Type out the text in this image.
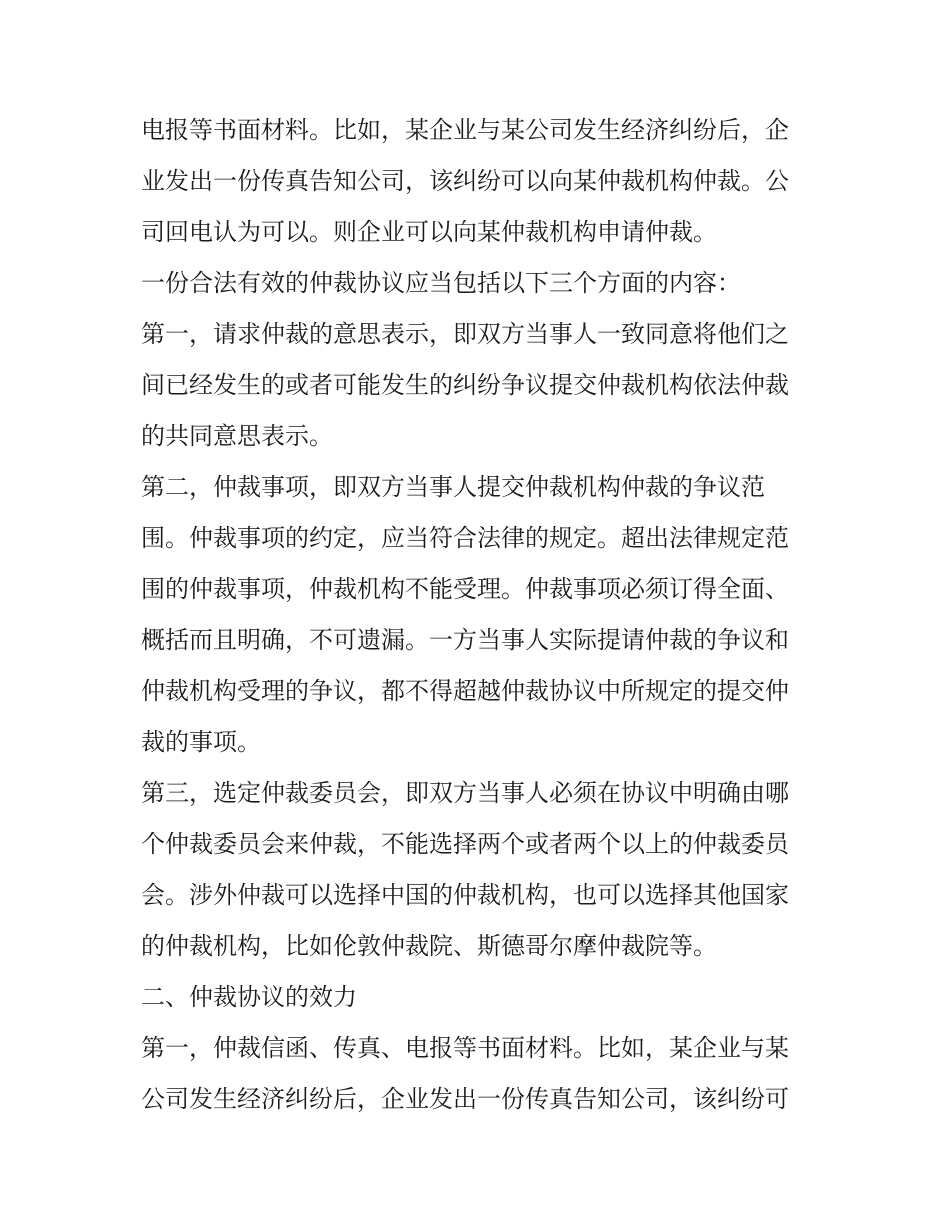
电报等书面材料。比如，某企业与某公司发生经济纠纷后，企
业发出一份传真告知公司，该纠纷可以向某仲裁机构仲裁。公
司回电认为可以。则企业可以向某仲裁机构申请仲裁。
一份合法有效的仲裁协议应当包括以下三个方面的内容：
第一，请求仲裁的意思表示，即双方当事人一致同意将他们之
间已经发生的或者可能发生的纠纷争议提交仲裁机构依法仲裁
的共同意思表示。
第二，仲裁事项，即双方当事人提交仲裁机构仲裁的争议范
围。仲裁事项的约定，应当符合法律的规定。超出法律规定范
围的仲裁事项，仲裁机构不能受理。仲裁事项必须订得全面、
概括而且明确，不可遗漏。一方当事人实际提请仲裁的争议和
仲裁机构受理的争议，都不得超越仲裁协议中所规定的提交仲
裁的事项。
第三，选定仲裁委员会，即双方当事人必须在协议中明确由哪
个仲裁委员会来仲裁，不能选择两个或者两个以上的仲裁委员
会。涉外仲裁可以选择中国的仲裁机构，也可以选择其他国家
的仲裁机构，比如伦敦仲裁院、斯德哥尔摩仲裁院等。
二、仲裁协议的效力
第一，仲裁信函、传真、电报等书面材料。比如，某企业与某
公司发生经济纠纷后，企业发出一份传真告知公司，该纠纷可
